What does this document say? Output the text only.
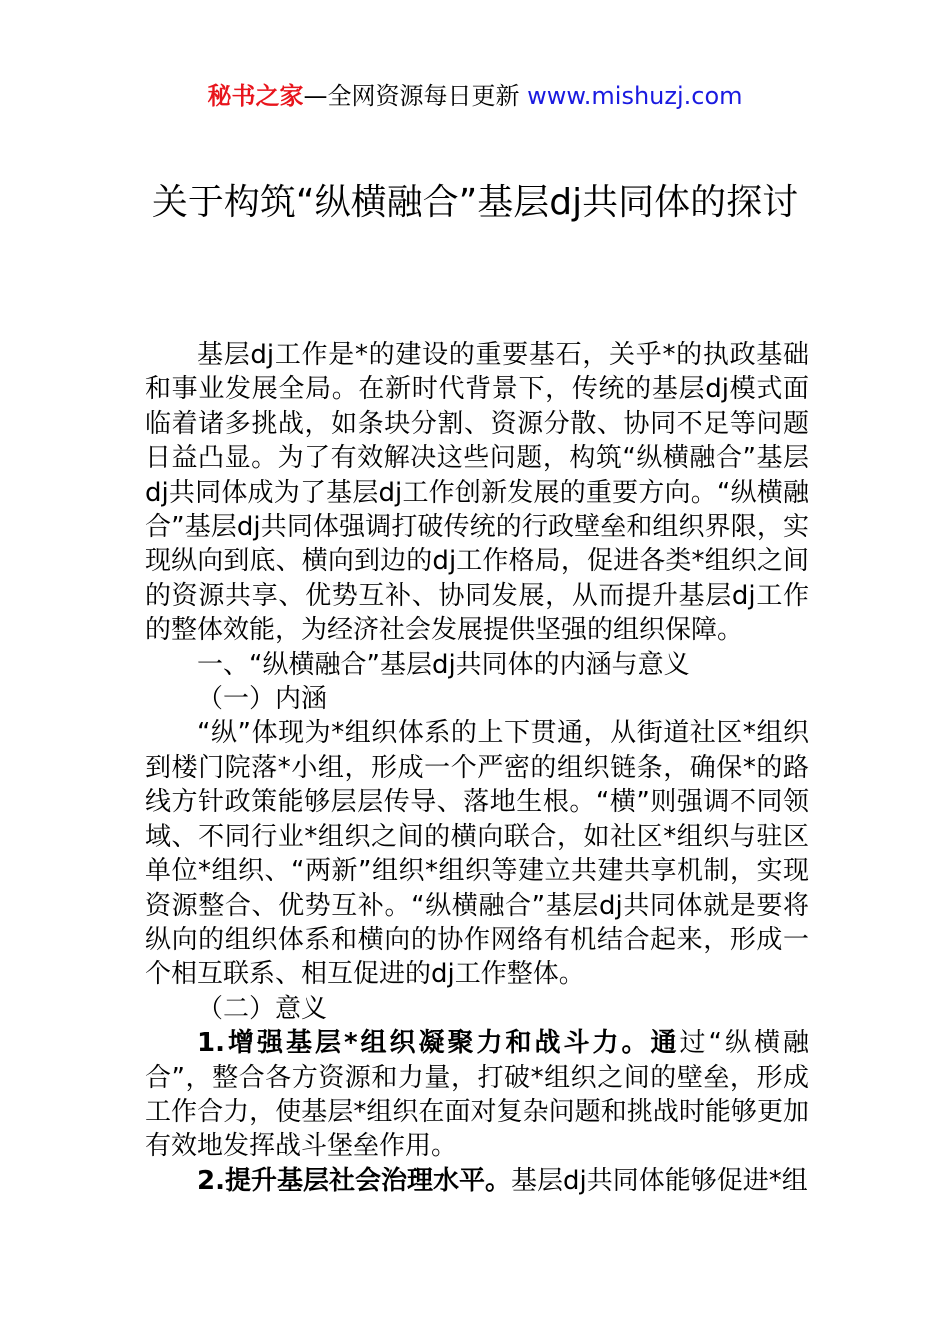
秘书之家—全网资源每日更新 www.mishuzj.com
关于构筑“纵横融合”基层dj共同体的探讨

基层dj工作是*的建设的重要基石，关乎*的执政基础和事业发展全局。在新时代背景下，传统的基层dj模式面临着诸多挑战，如条块分割、资源分散、协同不足等问题日益凸显。为了有效解决这些问题，构筑“纵横融合”基层dj共同体成为了基层dj工作创新发展的重要方向。“纵横融合”基层dj共同体强调打破传统的行政壁垒和组织界限，实现纵向到底、横向到边的dj工作格局，促进各类*组织之间的资源共享、优势互补、协同发展，从而提升基层dj工作的整体效能，为经济社会发展提供坚强的组织保障。

一、“纵横融合”基层dj共同体的内涵与意义

（一）内涵

“纵”体现为*组织体系的上下贯通，从街道社区*组织到楼门院落*小组，形成一个严密的组织链条，确保*的路线方针政策能够层层传导、落地生根。“横”则强调不同领域、不同行业*组织之间的横向联合，如社区*组织与驻区单位*组织、“两新”组织*组织等建立共建共享机制，实现资源整合、优势互补。“纵横融合”基层dj共同体就是要将纵向的组织体系和横向的协作网络有机结合起来，形成一个相互联系、相互促进的dj工作整体。

（二）意义

1.增强基层*组织凝聚力和战斗力。通过“纵横融合”，整合各方资源和力量，打破*组织之间的壁垒，形成工作合力，使基层*组织在面对复杂问题和挑战时能够更加有效地发挥战斗堡垒作用。

2.提升基层社会治理水平。基层dj共同体能够促进*组
